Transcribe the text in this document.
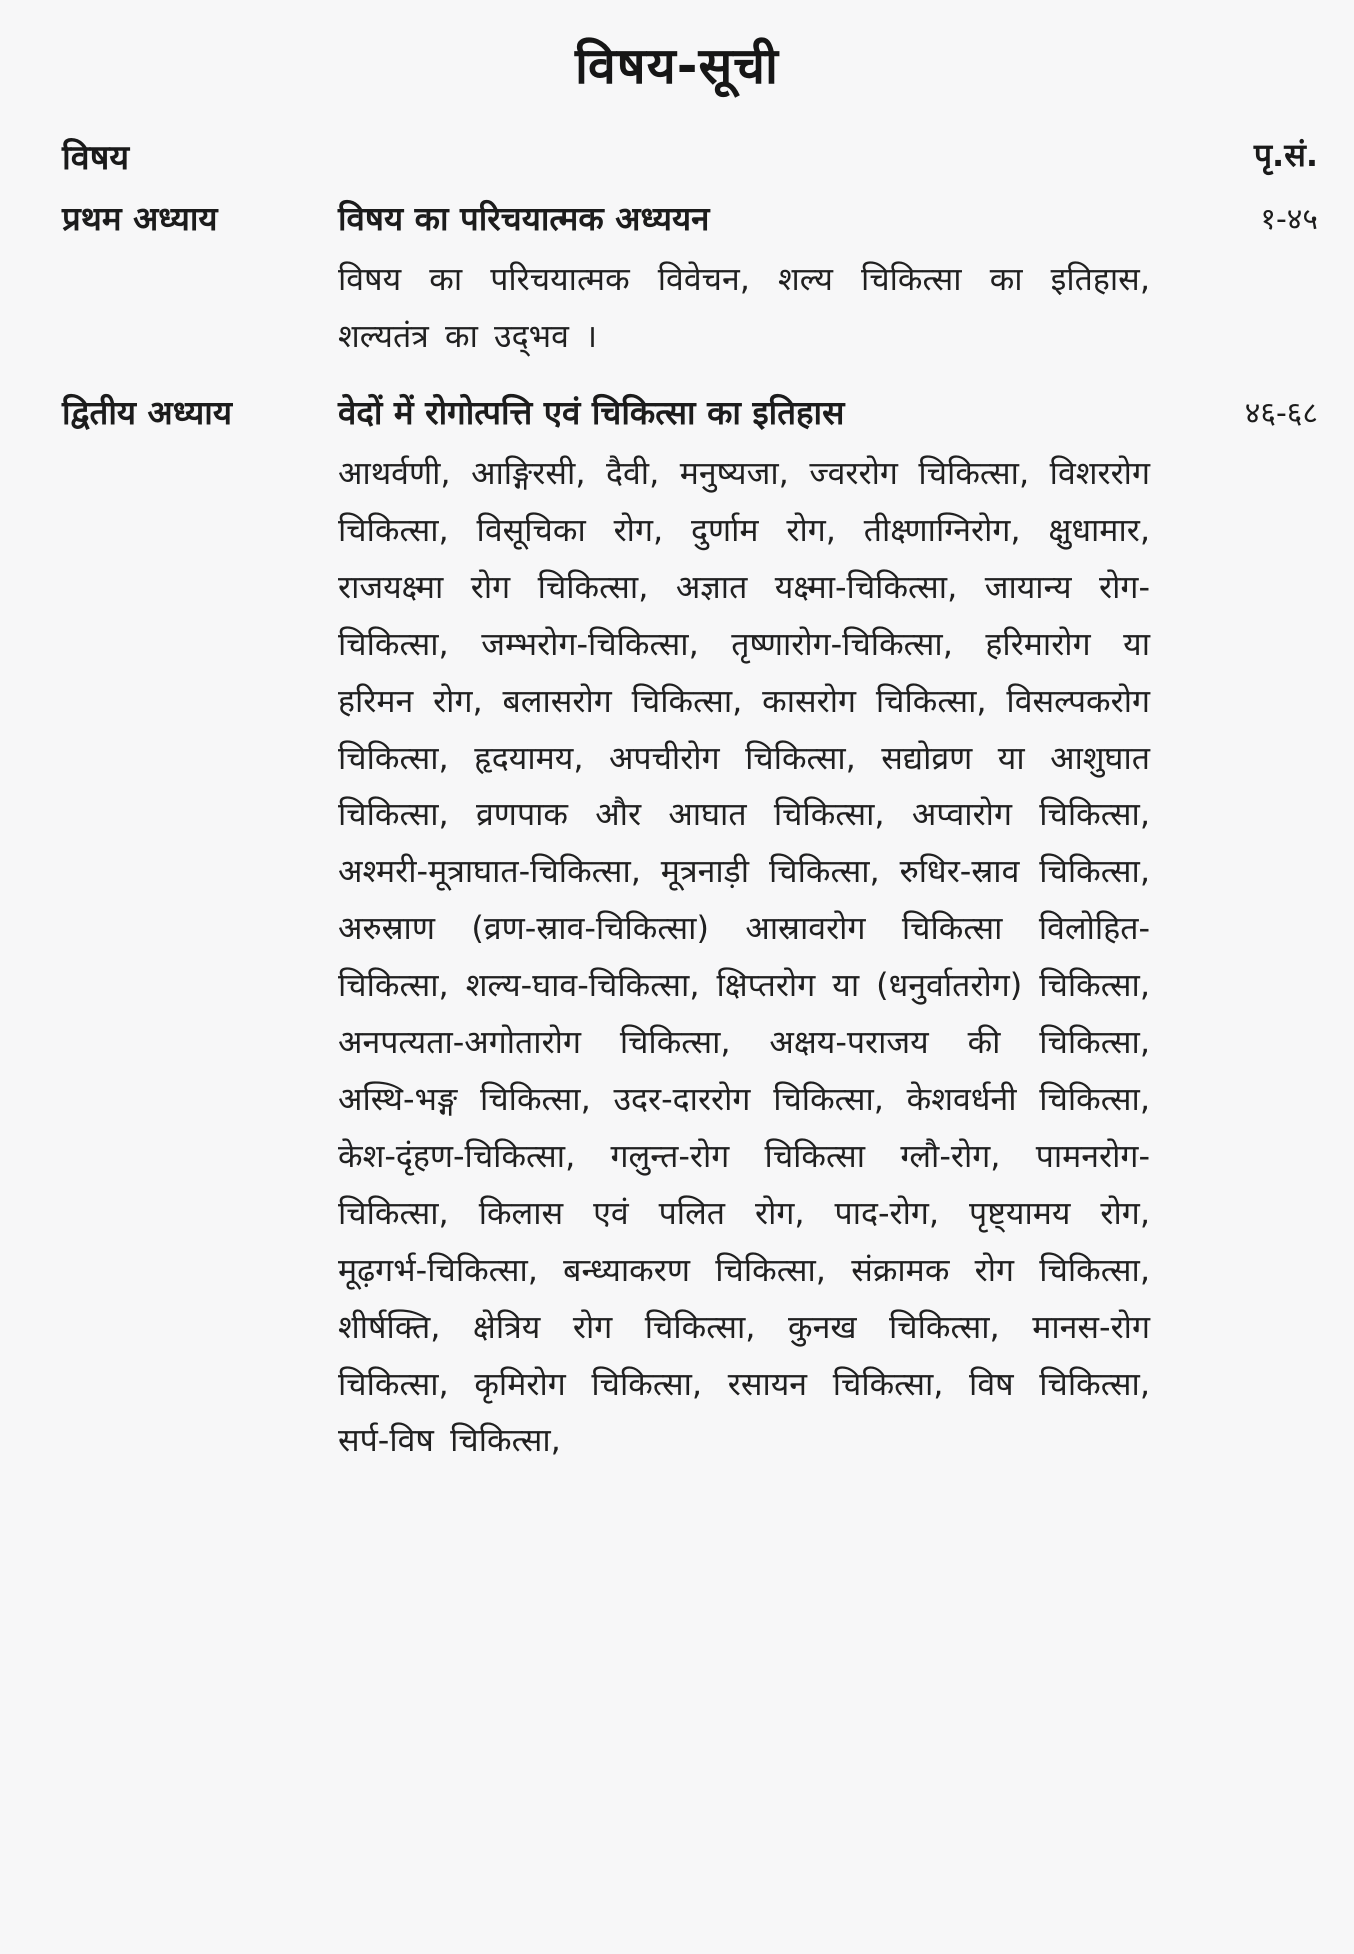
विषय-सूची
विषय	पृ.सं.
प्रथम अध्याय	विषय का परिचयात्मक अध्ययन	१-४५
विषय का परिचयात्मक विवेचन, शल्य चिकित्सा का इतिहास, शल्यतंत्र का उद्‌भव ।
द्वितीय अध्याय	वेदों में रोगोत्पत्ति एवं चिकित्सा का इतिहास	४६-६८
आथर्वणी, आङ्गिरसी, दैवी, मनुष्यजा, ज्वररोग चिकित्सा, विशररोग चिकित्सा, विसूचिका रोग, दुर्णाम रोग, तीक्ष्णाग्निरोग, क्षुधामार, राजयक्ष्मा रोग चिकित्सा, अज्ञात यक्ष्मा-चिकित्सा, जायान्य रोग-चिकित्सा, जम्भरोग-चिकित्सा, तृष्णारोग-चिकित्सा, हरिमारोग या हरिमन रोग, बलासरोग चिकित्सा, कासरोग चिकित्सा, विसल्पकरोग चिकित्सा, हृदयामय, अपचीरोग चिकित्सा, सद्योव्रण या आशुघात चिकित्सा, व्रणपाक और आघात चिकित्सा, अप्वारोग चिकित्सा, अश्मरी-मूत्राघात-चिकित्सा, मूत्रनाड़ी चिकित्सा, रुधिर-स्राव चिकित्सा, अरुस्राण (व्रण-स्राव-चिकित्सा) आस्रावरोग चिकित्सा विलोहित-चिकित्सा, शल्य-घाव-चिकित्सा, क्षिप्तरोग या (धनुर्वातरोग) चिकित्सा, अनपत्यता-अगोतारोग चिकित्सा, अक्षय-पराजय की चिकित्सा, अस्थि-भङ्ग चिकित्सा, उदर-दाररोग चिकित्सा, केशवर्धनी चिकित्सा, केश-दृंहण-चिकित्सा, गलुन्त-रोग चिकित्सा ग्लौ-रोग, पामनरोग-चिकित्सा, किलास एवं पलित रोग, पाद-रोग, पृष्ट्यामय रोग, मूढ़गर्भ-चिकित्सा, बन्ध्याकरण चिकित्सा, संक्रामक रोग चिकित्सा, शीर्षक्ति, क्षेत्रिय रोग चिकित्सा, कुनख चिकित्सा, मानस-रोग चिकित्सा, कृमिरोग चिकित्सा, रसायन चिकित्सा, विष चिकित्सा, सर्प-विष चिकित्सा,
